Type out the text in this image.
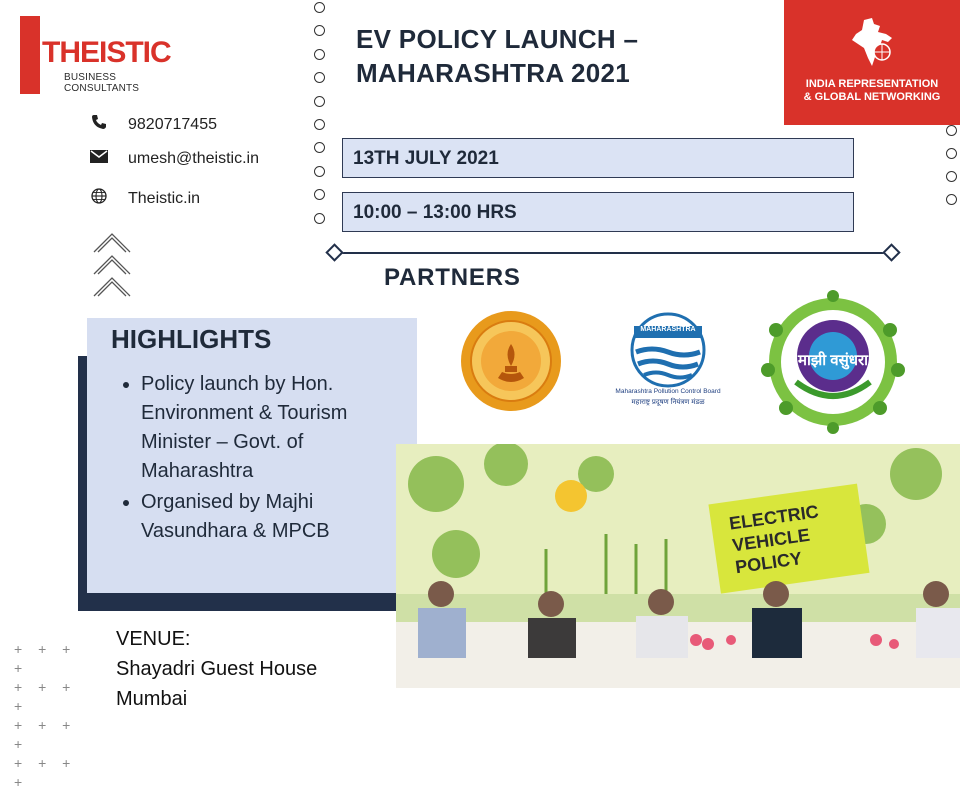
THEISTIC
BUSINESS CONSULTANTS
9820717455
umesh@theistic.in
Theistic.in
EV POLICY LAUNCH –
MAHARASHTRA 2021	INDIA REPRESENTATION
& GLOBAL NETWORKING
13TH JULY 2021
10:00 – 13:00 HRS
PARTNERS
MAHARASHTRA
Maharashtra Pollution Control Board
महाराष्ट्र प्रदूषण नियंत्रण मंडळ
माझी वसुंधरा
HIGHLIGHTS
• Policy launch by Hon. Environment & Tourism Minister – Govt. of Maharashtra
• Organised by Majhi Vasundhara & MPCB
+ + + +
+ + + +
+ + + +
+ + + +
VENUE:
Shayadri Guest House
Mumbai
ELECTRIC
VEHICLE
POLICY
